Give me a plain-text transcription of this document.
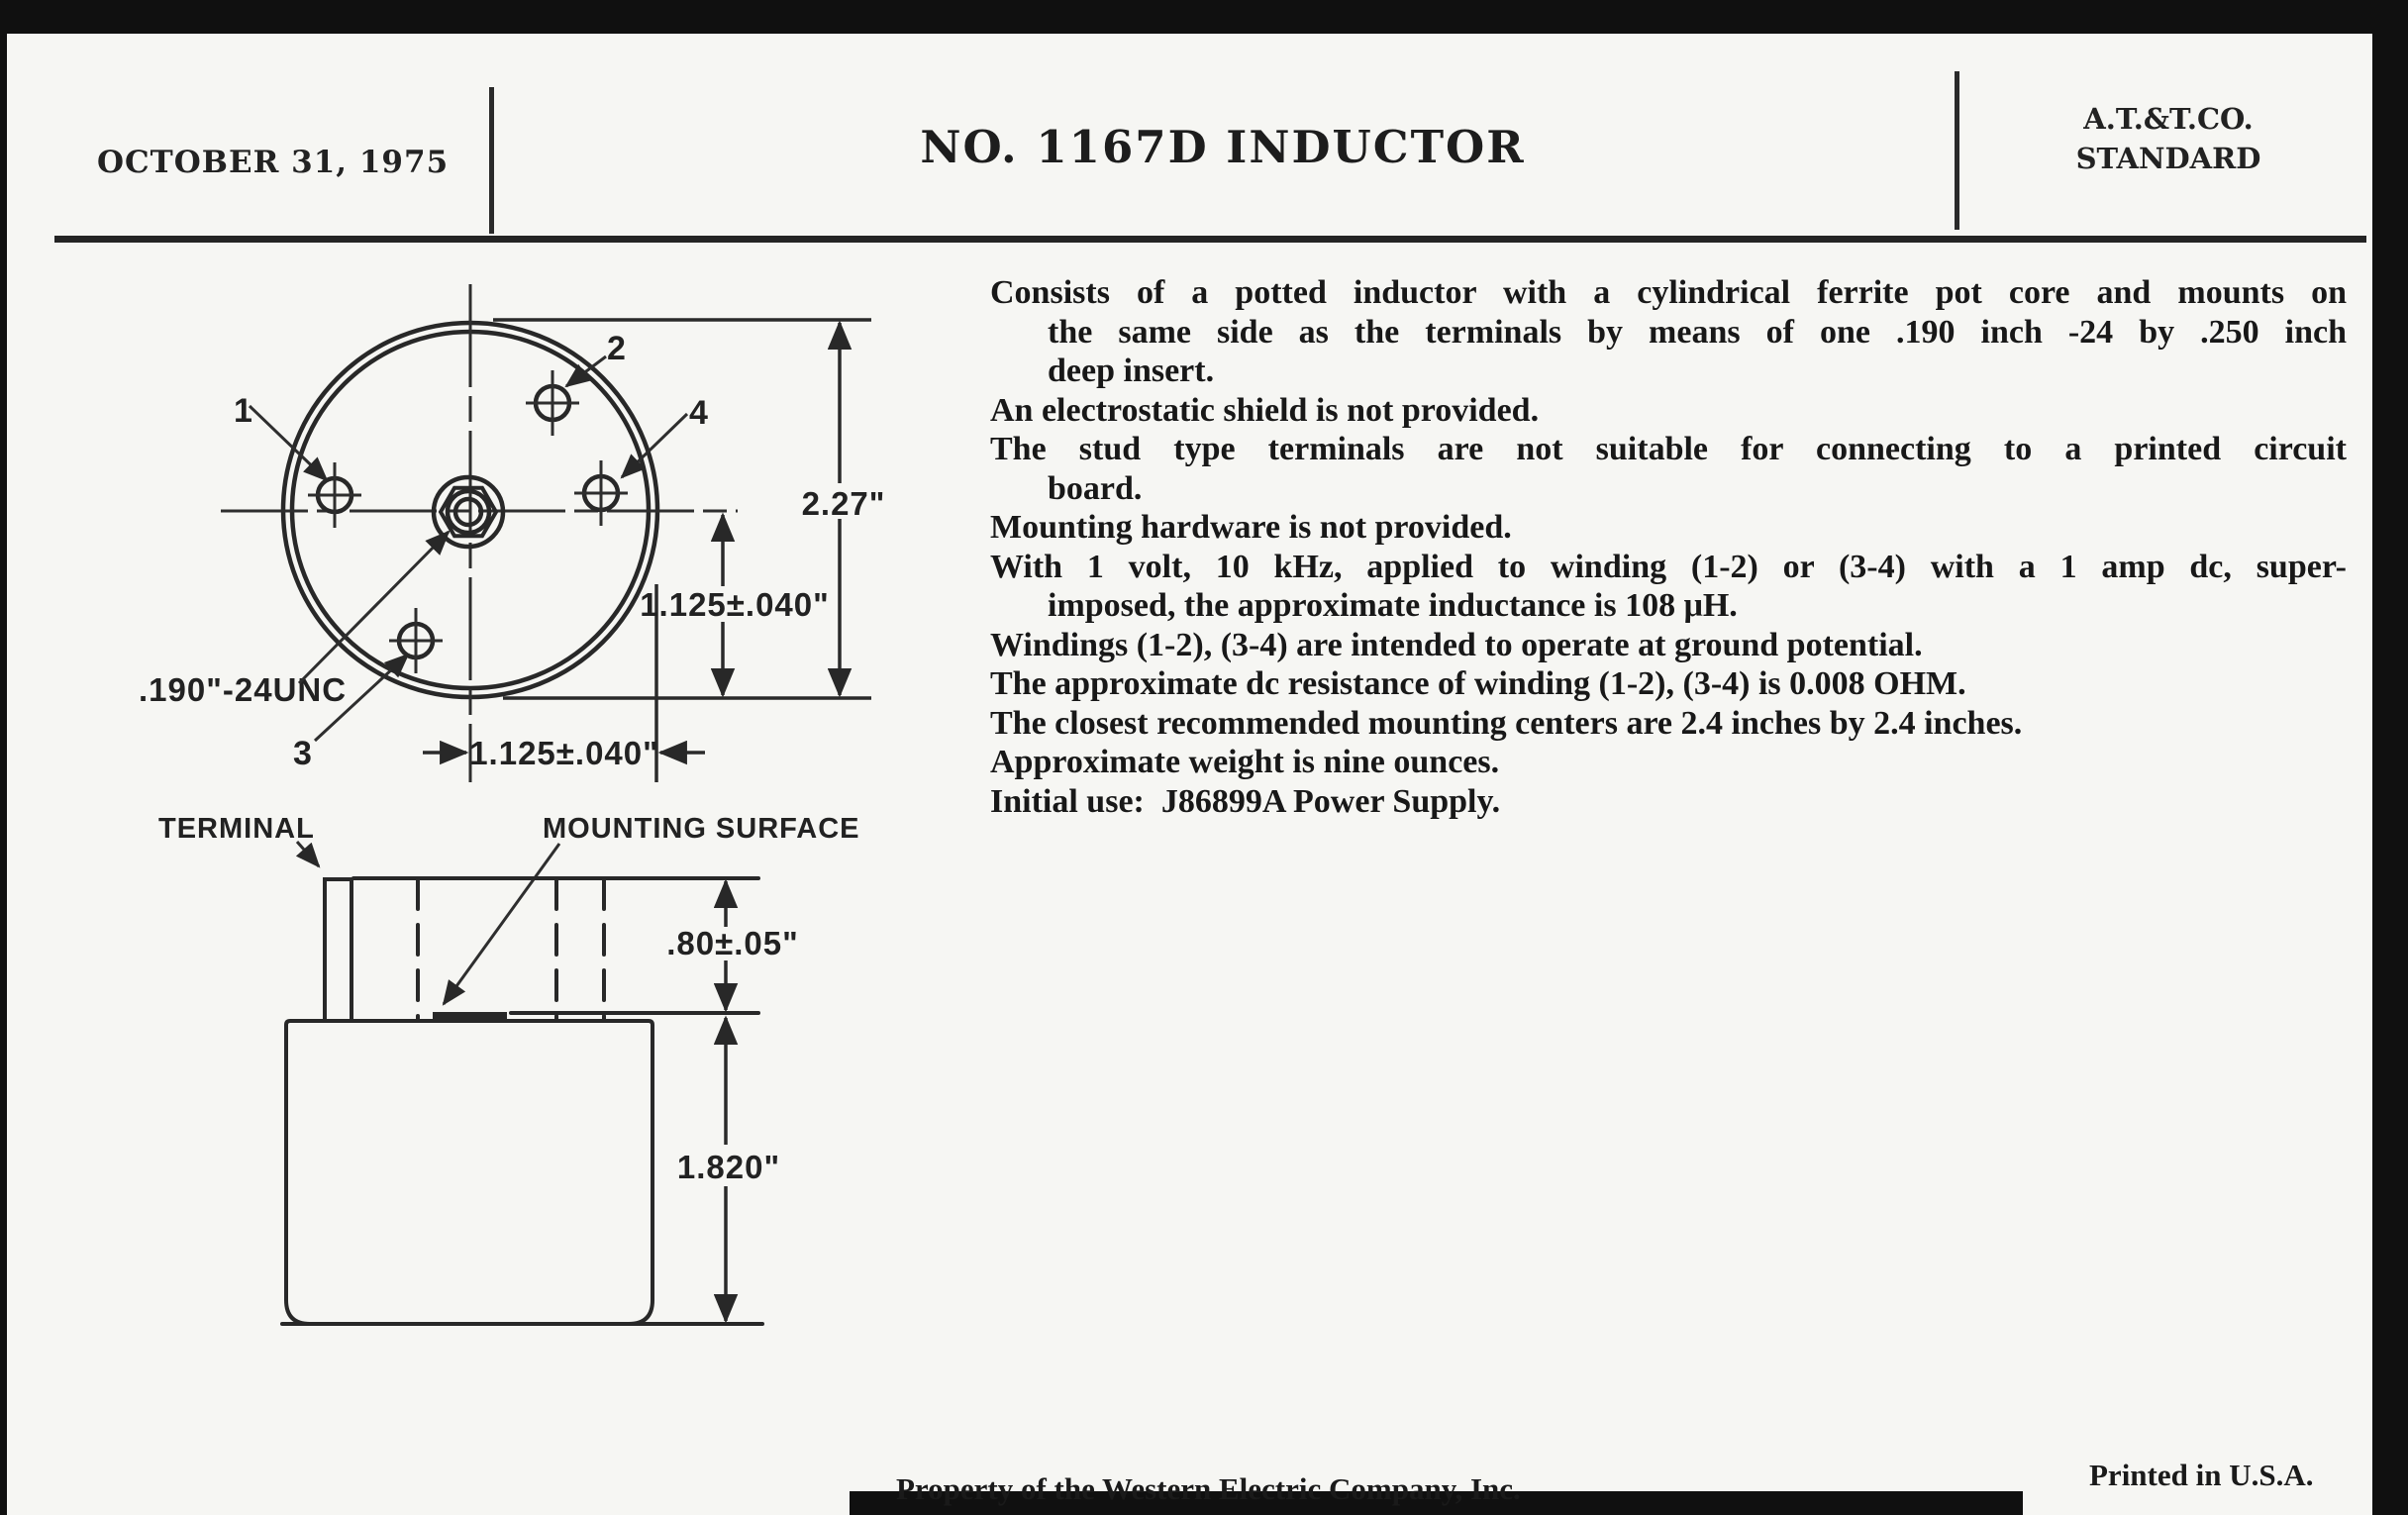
OCTOBER 31, 1975	NO. 1167D INDUCTOR
A.T.&T.CO.
STANDARD
Consists of a potted inductor with a cylindrical ferrite pot core and mounts on
the same side as the terminals by means of one .190 inch -24 by .250 inch
deep insert.
An electrostatic shield is not provided.
The stud type terminals are not suitable for connecting to a printed circuit
board.
Mounting hardware is not provided.
With 1 volt, 10 kHz, applied to winding (1-2) or (3-4) with a 1 amp dc, super-
imposed, the approximate inductance is 108 μH.
Windings (1-2), (3-4) are intended to operate at ground potential.
The approximate dc resistance of winding (1-2), (3-4) is 0.008 OHM.
The closest recommended mounting centers are 2.4 inches by 2.4 inches.
Approximate weight is nine ounces.
Initial use:  J86899A Power Supply.
1
2
4
3
.190"-24UNC
2.27"
1.125±.040"
1.125±.040"
TERMINAL	MOUNTING SURFACE
.80±.05"
1.820"
Property of the Western Electric Company, Inc.	Printed in U.S.A.
